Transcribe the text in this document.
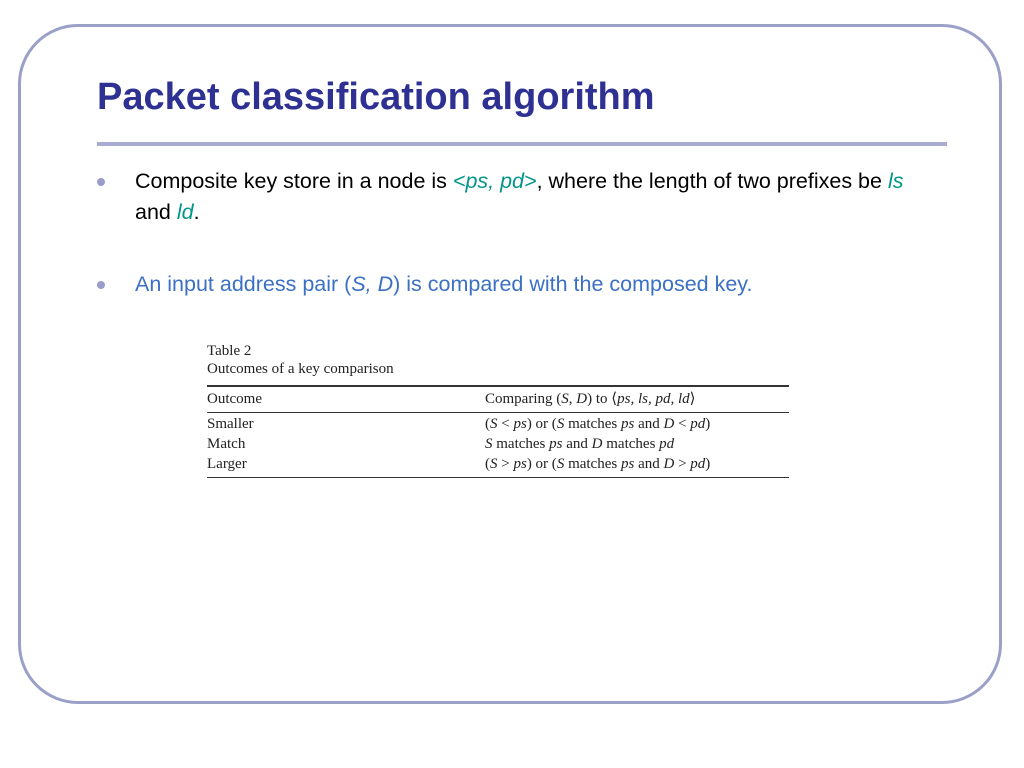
Packet classification algorithm
Composite key store in a node is <ps, pd>, where the length of two prefixes be ls and ld.
An input address pair (S, D) is compared with the composed key.
Table 2
Outcomes of a key comparison
Outcome	Comparing (S, D) to ⟨ps, ls, pd, ld⟩
Smaller	(S < ps) or (S matches ps and D < pd)
Match	S matches ps and D matches pd
Larger	(S > ps) or (S matches ps and D > pd)
